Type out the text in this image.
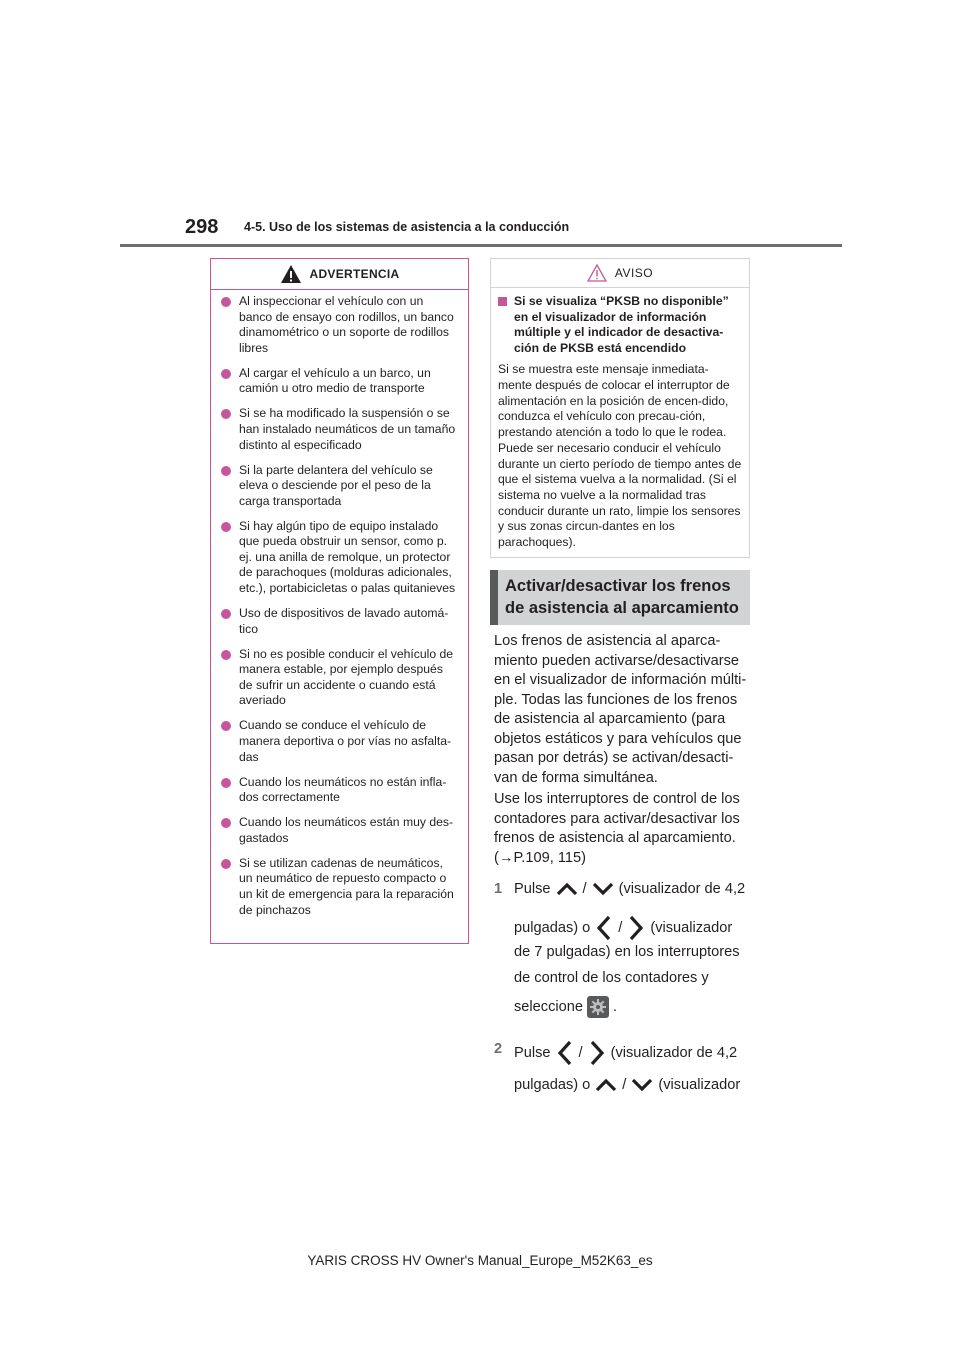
298 4-5. Uso de los sistemas de asistencia a la conducción
ADVERTENCIA
Al inspeccionar el vehículo con un banco de ensayo con rodillos, un banco dinamométrico o un soporte de rodillos libres
Al cargar el vehículo a un barco, un camión u otro medio de transporte
Si se ha modificado la suspensión o se han instalado neumáticos de un tamaño distinto al especificado
Si la parte delantera del vehículo se eleva o desciende por el peso de la carga transportada
Si hay algún tipo de equipo instalado que pueda obstruir un sensor, como p. ej. una anilla de remolque, un protector de parachoques (molduras adicionales, etc.), portabicicletas o palas quitanieves
Uso de dispositivos de lavado automá-tico
Si no es posible conducir el vehículo de manera estable, por ejemplo después de sufrir un accidente o cuando está averiado
Cuando se conduce el vehículo de manera deportiva o por vías no asfalta-das
Cuando los neumáticos no están infla-dos correctamente
Cuando los neumáticos están muy des-gastados
Si se utilizan cadenas de neumáticos, un neumático de repuesto compacto o un kit de emergencia para la reparación de pinchazos
AVISO
Si se visualiza “PKSB no disponible” en el visualizador de información múltiple y el indicador de desactiva-ción de PKSB está encendido
Si se muestra este mensaje inmediata-mente después de colocar el interruptor de alimentación en la posición de encen-dido, conduzca el vehículo con precau-ción, prestando atención a todo lo que le rodea. Puede ser necesario conducir el vehículo durante un cierto período de tiempo antes de que el sistema vuelva a la normalidad. (Si el sistema no vuelve a la normalidad tras conducir durante un rato, limpie los sensores y sus zonas circun-dantes en los parachoques).
Activar/desactivar los frenos
de asistencia al aparcamiento
Los frenos de asistencia al aparca-miento pueden activarse/desactivarse en el visualizador de información múlti-ple. Todas las funciones de los frenos de asistencia al aparcamiento (para objetos estáticos y para vehículos que pasan por detrás) se activan/desacti-van de forma simultánea.
Use los interruptores de control de los contadores para activar/desactivar los frenos de asistencia al aparcamiento. (→P.109, 115)
1 Pulse / (visualizador de 4,2
pulgadas) o / (visualizador
de 7 pulgadas) en los interruptores
de control de los contadores y
seleccione .
2 Pulse / (visualizador de 4,2
pulgadas) o / (visualizador
YARIS CROSS HV Owner's Manual_Europe_M52K63_es
